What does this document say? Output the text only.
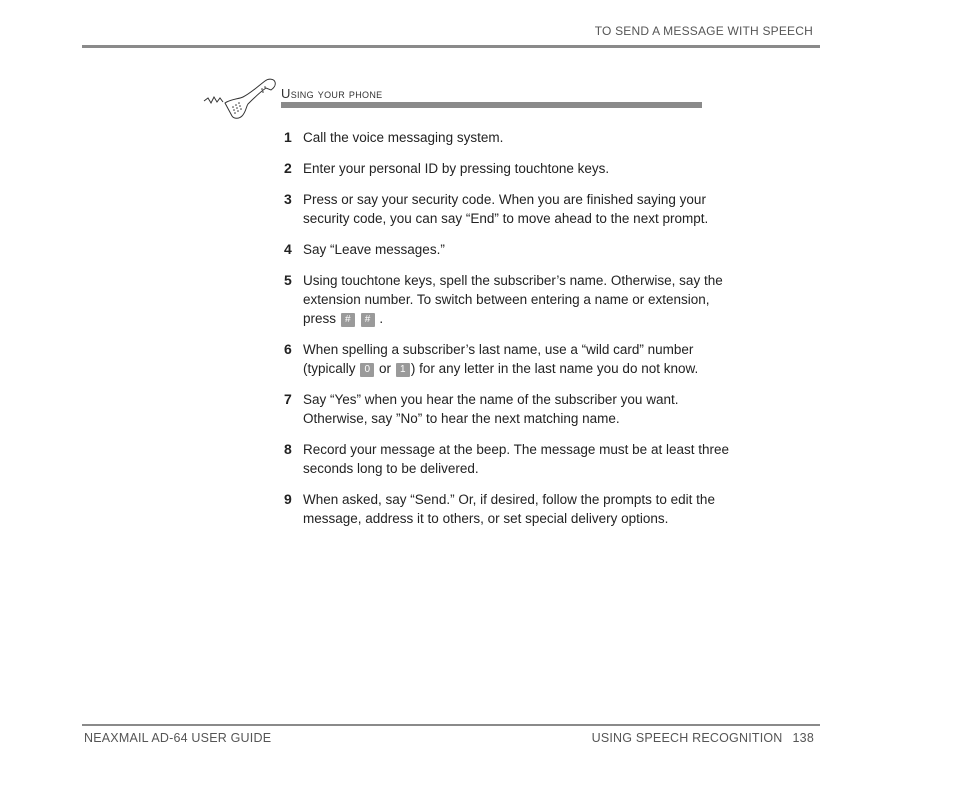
TO SEND A MESSAGE WITH SPEECH
Using your phone
1 Call the voice messaging system.
2 Enter your personal ID by pressing touchtone keys.
3 Press or say your security code. When you are finished saying your security code, you can say “End” to move ahead to the next prompt.
4 Say “Leave messages.”
5 Using touchtone keys, spell the subscriber’s name. Otherwise, say the extension number. To switch between entering a name or extension, press # # .
6 When spelling a subscriber’s last name, use a “wild card” number (typically 0 or 1 ) for any letter in the last name you do not know.
7 Say “Yes” when you hear the name of the subscriber you want. Otherwise, say ”No” to hear the next matching name.
8 Record your message at the beep. The message must be at least three seconds long to be delivered.
9 When asked, say “Send.” Or, if desired, follow the prompts to edit the message, address it to others, or set special delivery options.
NEAXMAIL AD-64 USER GUIDE	USING SPEECH RECOGNITION 138
